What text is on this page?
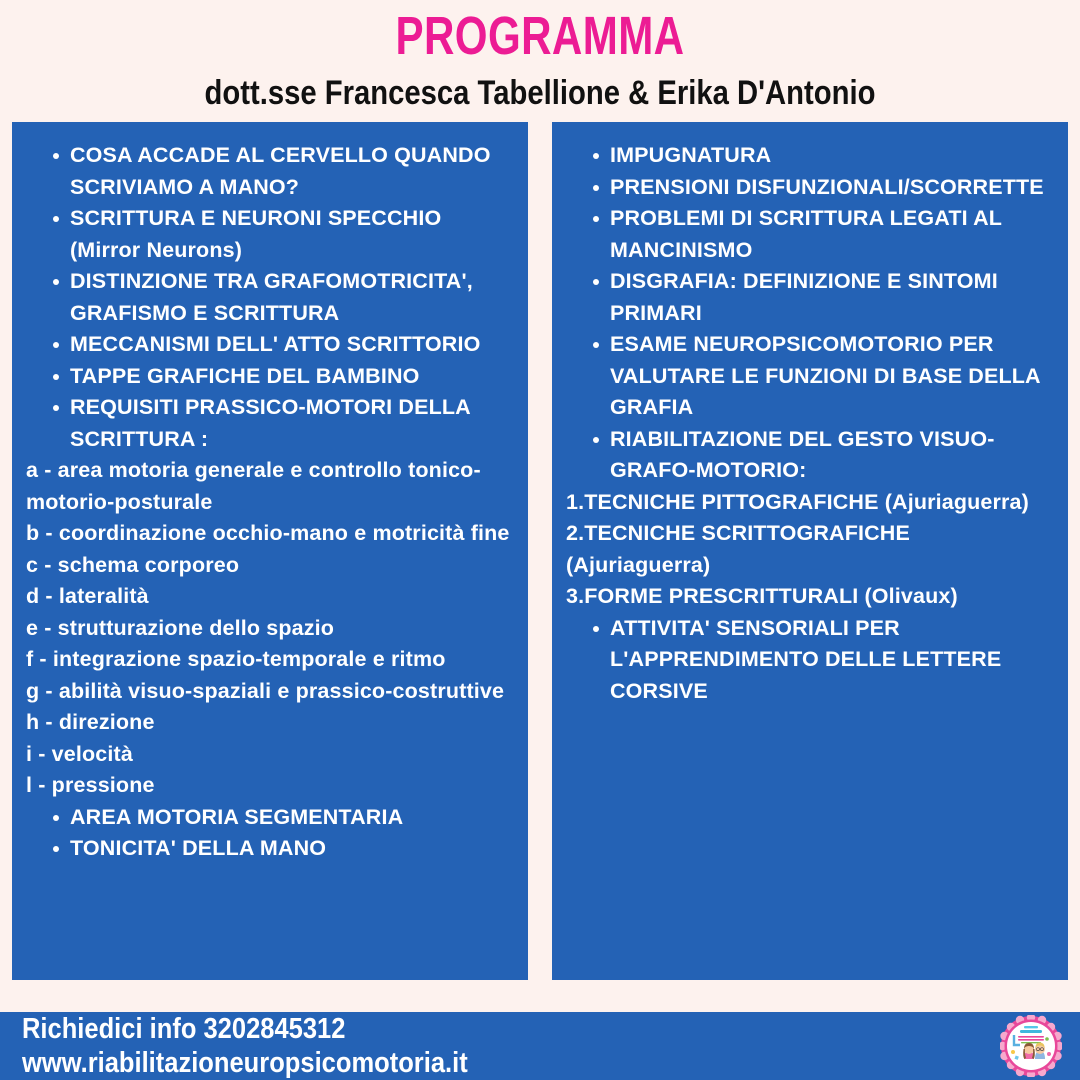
PROGRAMMA
dott.sse Francesca Tabellione & Erika D'Antonio
COSA ACCADE AL CERVELLO QUANDO SCRIVIAMO A MANO?
SCRITTURA E NEURONI SPECCHIO (Mirror Neurons)
DISTINZIONE TRA GRAFOMOTRICITA', GRAFISMO E SCRITTURA
MECCANISMI DELL' ATTO SCRITTORIO
TAPPE GRAFICHE DEL BAMBINO
REQUISITI PRASSICO-MOTORI DELLA SCRITTURA :
a - area motoria generale e controllo tonico-motorio-posturale
b - coordinazione occhio-mano e motricità fine
c - schema corporeo
d - lateralità
e - strutturazione dello spazio
f - integrazione spazio-temporale e ritmo
g - abilità visuo-spaziali e prassico-costruttive
h - direzione
i - velocità
l - pressione
AREA MOTORIA SEGMENTARIA
TONICITA' DELLA MANO
IMPUGNATURA
PRENSIONI DISFUNZIONALI/SCORRETTE
PROBLEMI DI SCRITTURA LEGATI AL MANCINISMO
DISGRAFIA: DEFINIZIONE E SINTOMI PRIMARI
ESAME NEUROPSICOMOTORIO PER VALUTARE LE FUNZIONI DI BASE DELLA GRAFIA
RIABILITAZIONE DEL GESTO VISUO-GRAFO-MOTORIO:
1.TECNICHE PITTOGRAFICHE (Ajuriaguerra)
2.TECNICHE SCRITTOGRAFICHE (Ajuriaguerra)
3.FORME PRESCRITTURALI (Olivaux)
ATTIVITA' SENSORIALI PER L'APPRENDIMENTO DELLE LETTERE CORSIVE
Richiedici info 3202845312
www.riabilitazioneuropsicomotoria.it
